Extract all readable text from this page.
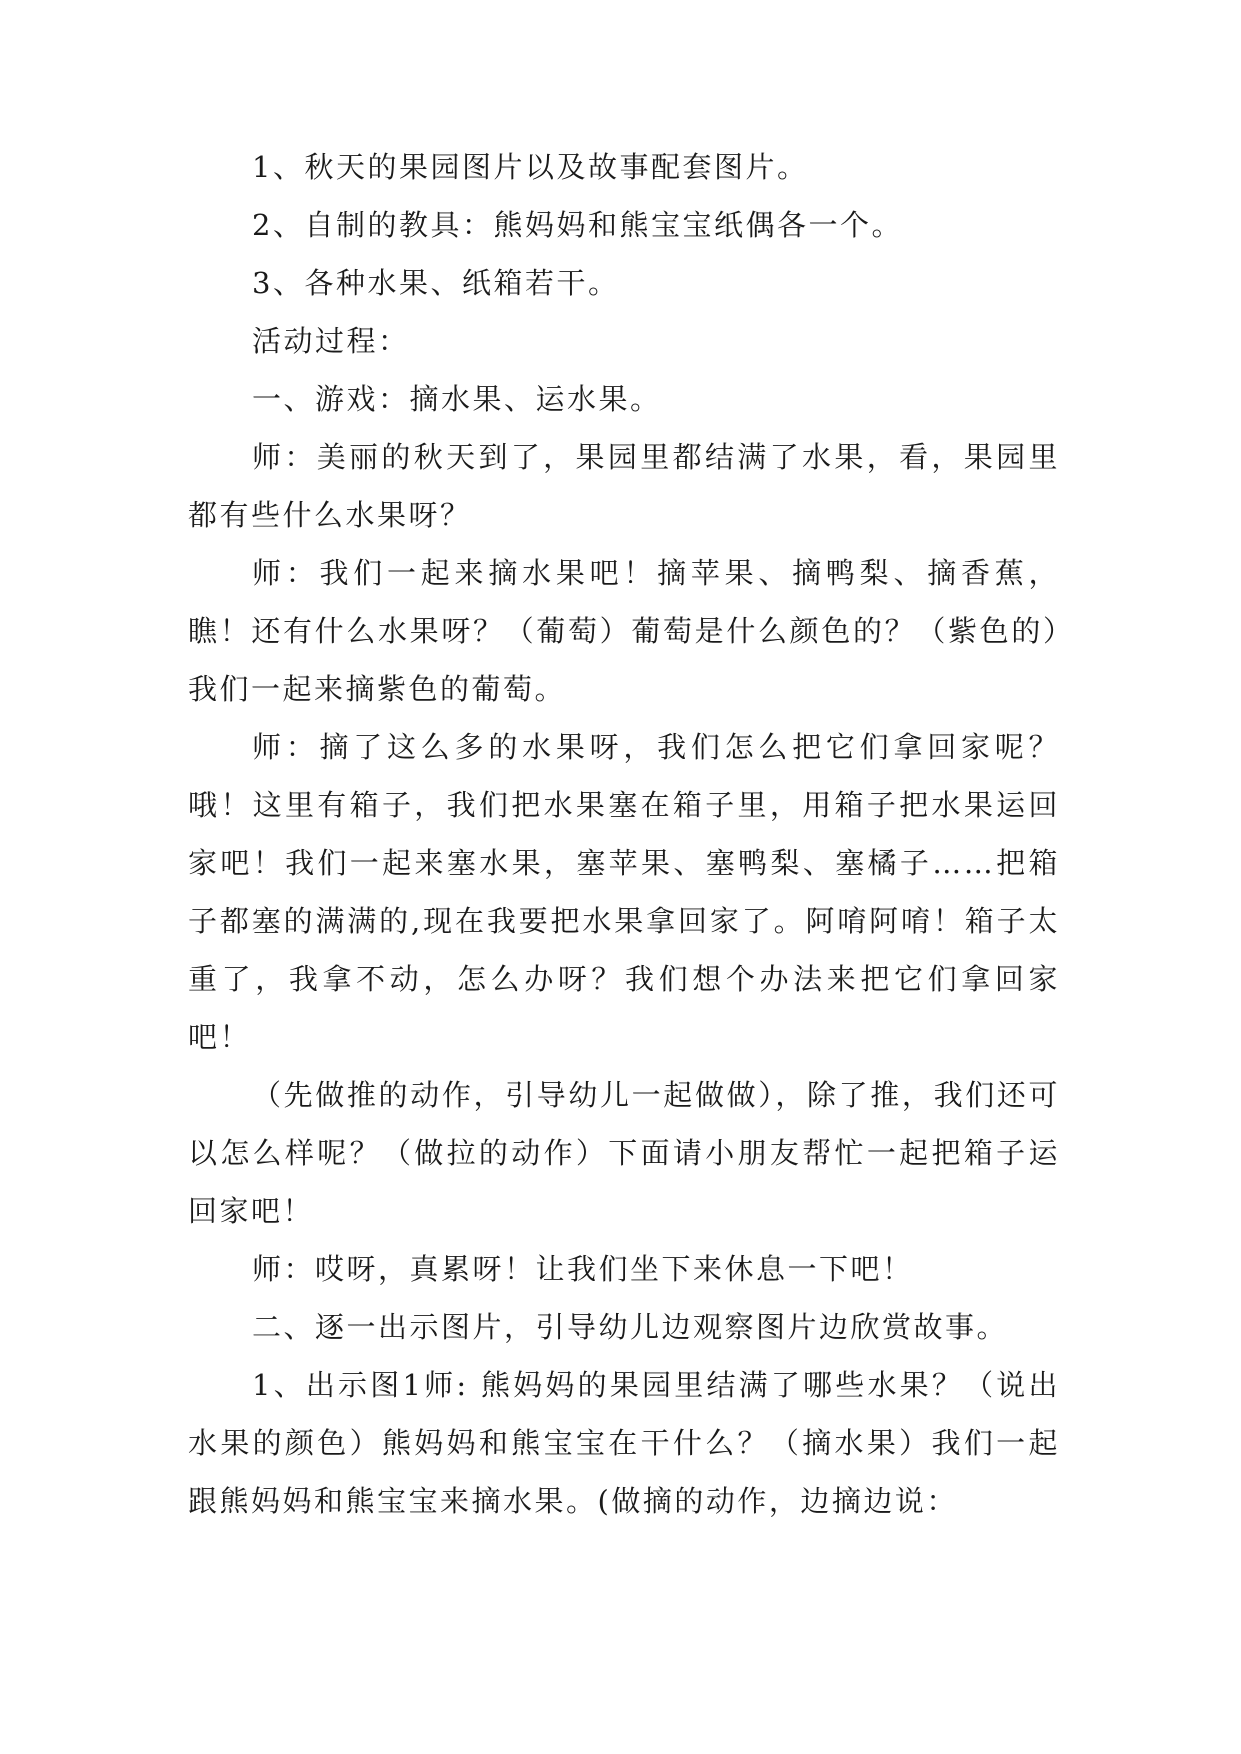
1、秋天的果园图片以及故事配套图片。

2、自制的教具：熊妈妈和熊宝宝纸偶各一个。

3、各种水果、纸箱若干。

活动过程：

一、游戏：摘水果、运水果。

师：美丽的秋天到了，果园里都结满了水果，看，果园里都有些什么水果呀？

师：我们一起来摘水果吧！摘苹果、摘鸭梨、摘香蕉，瞧！还有什么水果呀？（葡萄）葡萄是什么颜色的？（紫色的）我们一起来摘紫色的葡萄。

师：摘了这么多的水果呀，我们怎么把它们拿回家呢？哦！这里有箱子，我们把水果塞在箱子里，用箱子把水果运回家吧！我们一起来塞水果，塞苹果、塞鸭梨、塞橘子……把箱子都塞的满满的,现在我要把水果拿回家了。阿唷阿唷！箱子太重了，我拿不动，怎么办呀？我们想个办法来把它们拿回家吧！

（先做推的动作，引导幼儿一起做做），除了推，我们还可以怎么样呢？（做拉的动作）下面请小朋友帮忙一起把箱子运回家吧！

师：哎呀，真累呀！让我们坐下来休息一下吧！

二、逐一出示图片，引导幼儿边观察图片边欣赏故事。

1、出示图1师: 熊妈妈的果园里结满了哪些水果？（说出水果的颜色）熊妈妈和熊宝宝在干什么？（摘水果）我们一起跟熊妈妈和熊宝宝来摘水果。(做摘的动作，边摘边说：
